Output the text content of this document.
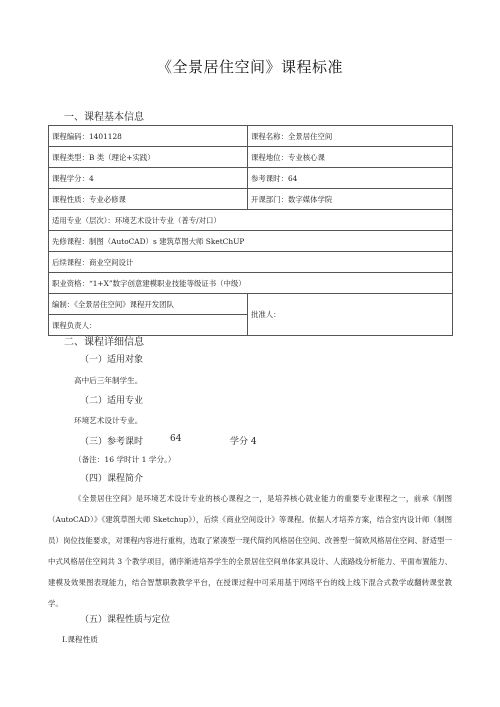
《全景居住空间》课程标准
一、课程基本信息
课程编码：1401128	课程名称：全景居住空间
课程类型：B 类（理论+实践）	课程地位：专业核心课
课程学分：4	参考课时：64
课程性质：专业必修课	开课部门：数字媒体学院
适用专业（层次）：环境艺术设计专业（普专/对口）	
先修课程：制图（AutoCAD）s 建筑草图大师 SketChUP	
后续课程：商业空间设计	
职业资格：“1+X”数字创意建模职业技能等级证书（中级）	
编制：《全景居住空间》课程开发团队	批准人：
课程负责人：	
二、课程详细信息
（一）适用对象
高中后三年制学生。
（二）适用专业
环境艺术设计专业。
（三）参考课时	64	学分 4
（备注：16 学时计 1 学分。）
（四）课程简介

《全景居住空间》是环境艺术设计专业的核心课程之一，是培养核心就业能力的重要专业课程之一，前承《制图（AutoCAD）》《建筑草图大师 Sketchup》），后续《商业空间设计》等课程。依据人才培养方案，结合室内设计师（制图员）岗位技能要求，对课程内容进行重构，选取了紧凑型一现代简约风格居住空间、改善型一简欧风格居住空间、舒适型一中式风格居住空间共 3 个教学项目，循序渐进培养学生的全景居住空间单体家具设计、人流路线分析能力、平面布置能力、建模及效果图表现能力，结合智慧职教教学平台，在授课过程中可采用基于网络平台的线上线下混合式教学或翻转课堂教学。

（五）课程性质与定位
Ⅰ.课程性质
